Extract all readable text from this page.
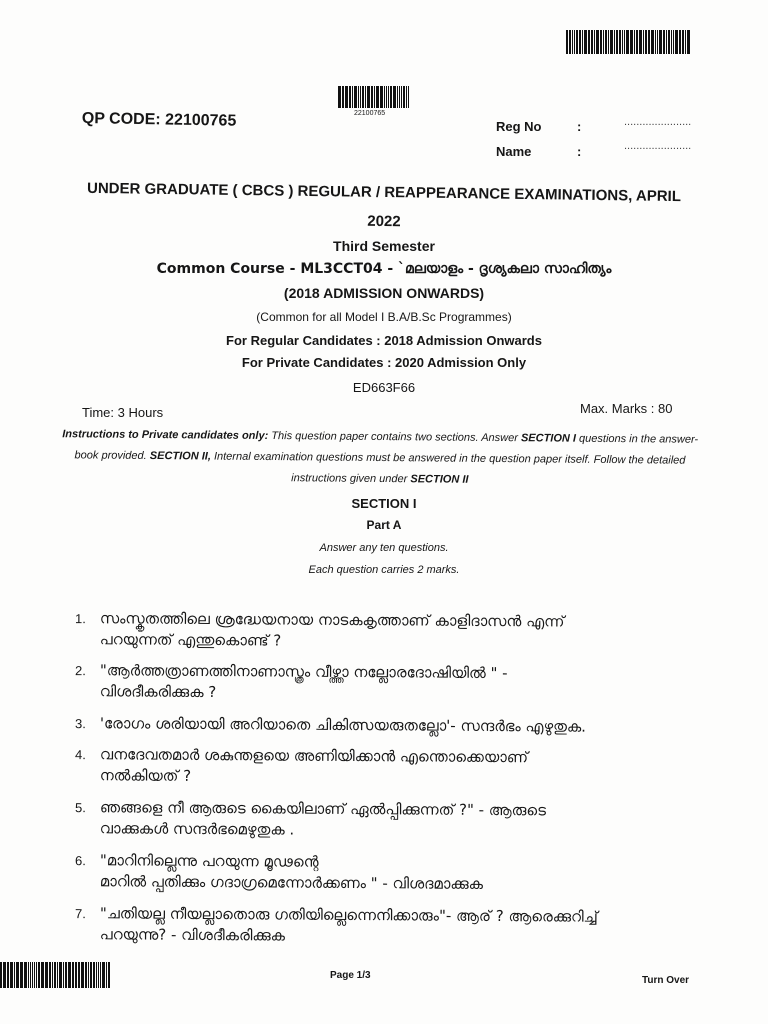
22100765
QP CODE: 22100765	Reg No	:	......................
Name	:	......................
UNDER GRADUATE ( CBCS ) REGULAR / REAPPEARANCE EXAMINATIONS, APRIL
2022
Third Semester
Common Course - ML3CCT04 - `മലയാളം - ദൃശ്യകലാ സാഹിത്യം
(2018 ADMISSION ONWARDS)
(Common for all Model I B.A/B.Sc Programmes)
For Regular Candidates : 2018 Admission Onwards
For Private Candidates : 2020 Admission Only
ED663F66
Time: 3 Hours	Max. Marks : 80
Instructions to Private candidates only: This question paper contains two sections. Answer SECTION I questions in the answer-book provided. SECTION II, Internal examination questions must be answered in the question paper itself. Follow the detailed instructions given under SECTION II
SECTION I
Part A
Answer any ten questions.
Each question carries 2 marks.
1. സംസ്കൃതത്തിലെ ശ്രദ്ധേയനായ നാടകകൃത്താണ് കാളിദാസൻ എന്ന്
പറയുന്നത് എന്തുകൊണ്ട് ?
2. "ആർത്തത്രാണത്തിനാണാസ്ത്രം വീഴ്ത്താ നല്ലോരദോഷിയിൽ " -
വിശദീകരിക്കുക ?
3. 'രോഗം ശരിയായി അറിയാതെ ചികിത്സയരുതല്ലോ'- സന്ദർഭം എഴുതുക.
4. വനദേവതമാർ ശകുന്തളയെ അണിയിക്കാൻ എന്തൊക്കെയാണ്
നൽകിയത് ?
5. ഞങ്ങളെ നീ ആരുടെ കൈയിലാണ് ഏൽപ്പിക്കുന്നത് ?" - ആരുടെ
വാക്കുകൾ സന്ദർഭമെഴുതുക .
6. "മാറിനില്ലെന്നു പറയുന്ന മൂഢന്റെ
മാറിൽ പ്പതിക്കും ഗദാഗ്രമെന്നോർക്കണം " - വിശദമാക്കുക
7. "ചതിയല്ല നീയല്ലാതൊരു ഗതിയില്ലെന്നെനിക്കാരും"- ആര് ? ആരെക്കുറിച്ച്
പറയുന്നു? - വിശദീകരിക്കുക
Page 1/3	Turn Over
